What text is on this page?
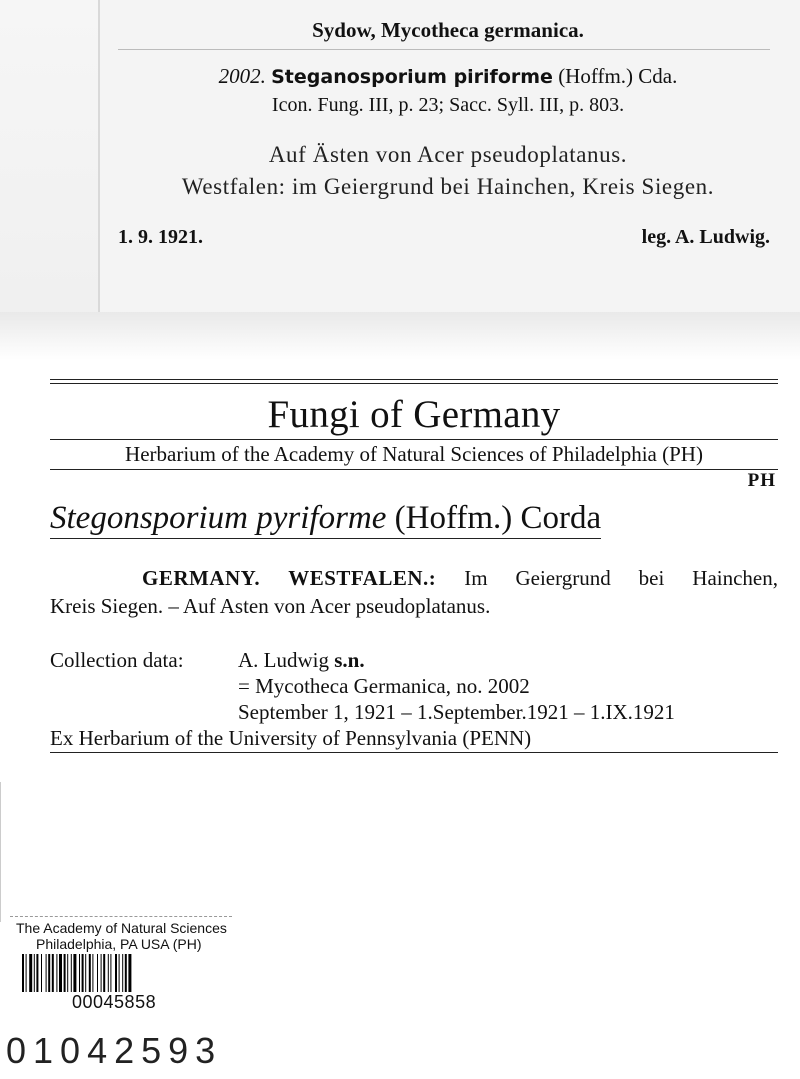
Sydow, Mycotheca germanica.
2002. Steganosporium piriforme (Hoffm.) Cda.
Icon. Fung. III, p. 23; Sacc. Syll. III, p. 803.
Auf Ästen von Acer pseudoplatanus.
Westfalen: im Geiergrund bei Hainchen, Kreis Siegen.
1. 9. 1921.	leg. A. Ludwig.
Fungi of Germany
Herbarium of the Academy of Natural Sciences of Philadelphia (PH)
PH
Stegonsporium pyriforme (Hoffm.) Corda
GERMANY. WESTFALEN.: Im Geiergrund bei Hainchen,
Kreis Siegen. – Auf Asten von Acer pseudoplatanus.
Collection data:	A. Ludwig s.n.
= Mycotheca Germanica, no. 2002
September 1, 1921 – 1.September.1921 – 1.IX.1921
Ex Herbarium of the University of Pennsylvania (PENN)
The Academy of Natural Sciences
Philadelphia, PA USA (PH)
00045858
01042593
